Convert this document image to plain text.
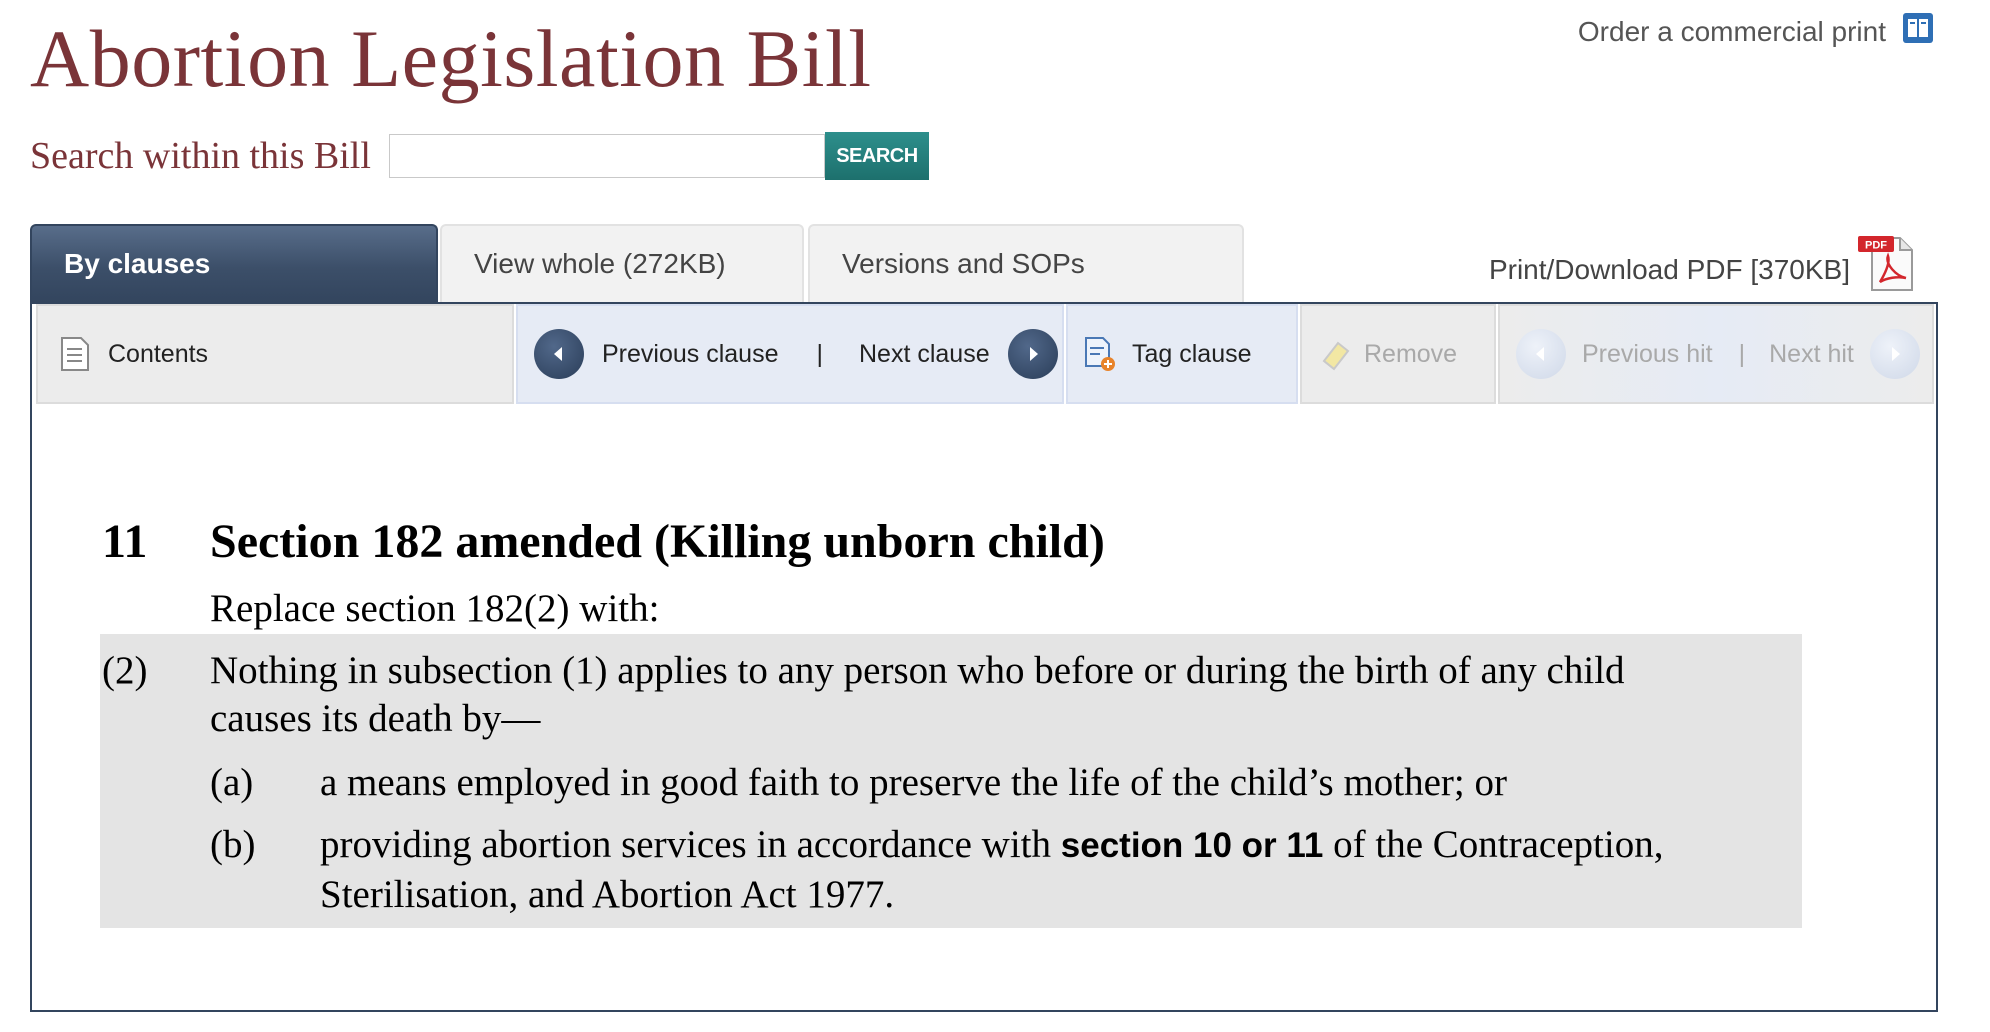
Abortion Legislation Bill	Order a commercial print
Search within this Bill	SEARCH
By clauses	View whole (272KB)	Versions and SOPs	Print/Download PDF [370KB]
PDF
Contents	Previous clause | Next clause	Tag clause	Remove	Previous hit | Next hit
11 Section 182 amended (Killing unborn child)
Replace section 182(2) with:
(2) Nothing in subsection (1) applies to any person who before or during the birth of any child
causes its death by—
(a) a means employed in good faith to preserve the life of the child’s mother; or
(b) providing abortion services in accordance with section 10 or 11 of the Contraception,
Sterilisation, and Abortion Act 1977.
